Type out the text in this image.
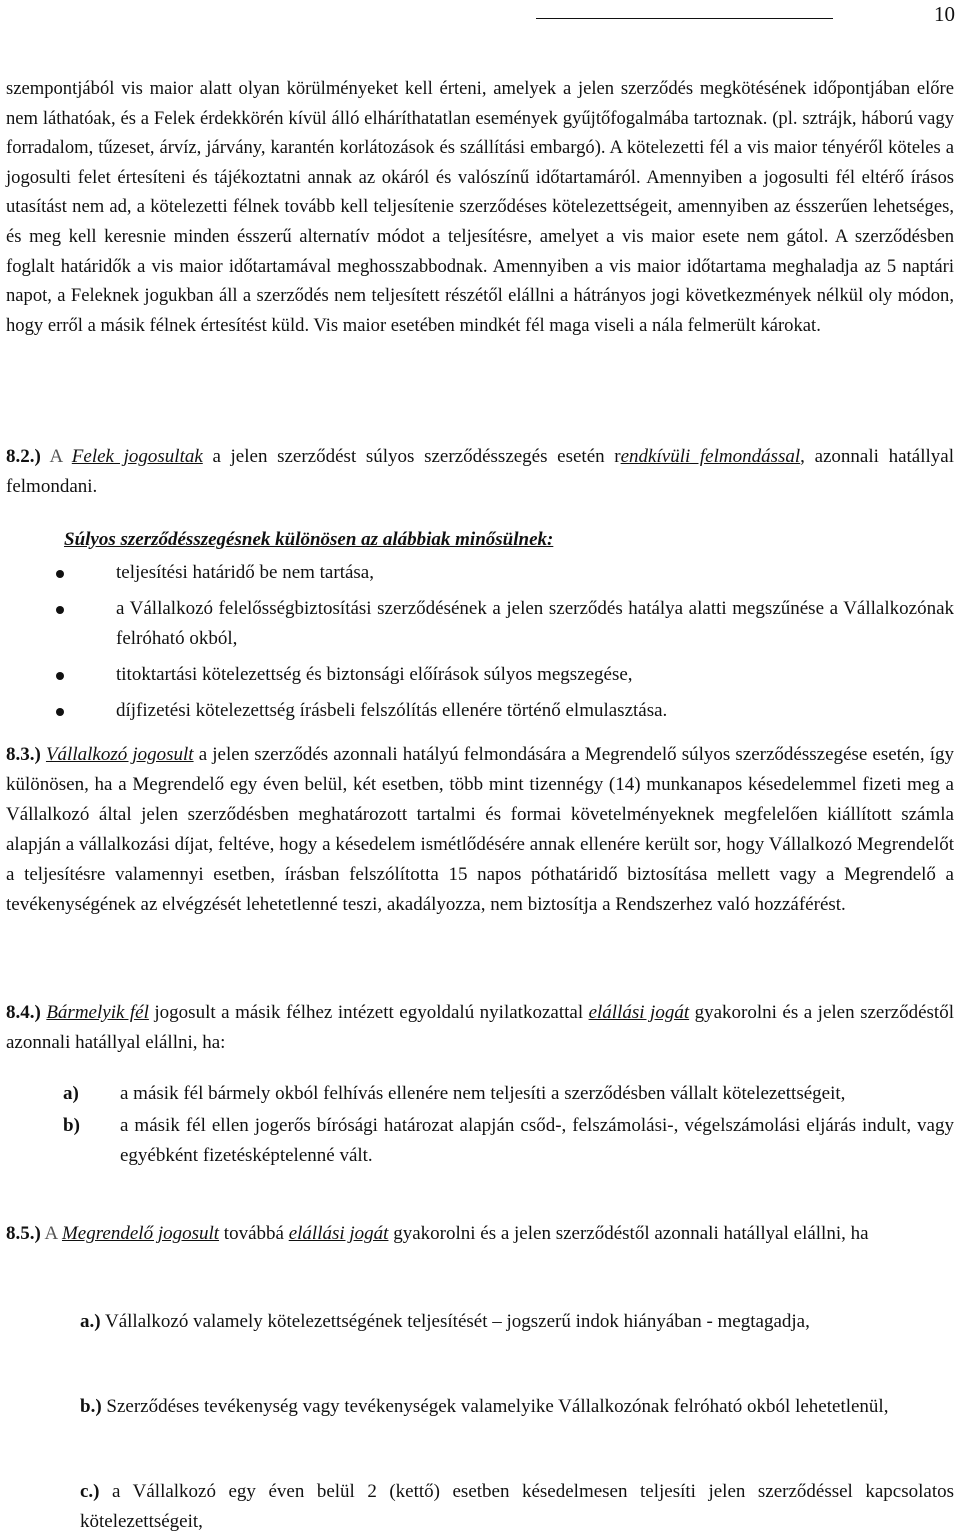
10

szempontjából vis maior alatt olyan körülményeket kell érteni, amelyek a jelen szerződés megkötésének időpontjában előre nem láthatóak, és a Felek érdekkörén kívül álló elháríthatatlan események gyűjtőfogalmába tartoznak. (pl. sztrájk, háború vagy forradalom, tűzeset, árvíz, járvány, karantén korlátozások és szállítási embargó). A kötelezetti fél a vis maior tényéről köteles a jogosulti felet értesíteni és tájékoztatni annak az okáról és valószínű időtartamáról. Amennyiben a jogosulti fél eltérő írásos utasítást nem ad, a kötelezetti félnek tovább kell teljesítenie szerződéses kötelezettségeit, amennyiben az ésszerűen lehetséges, és meg kell keresnie minden ésszerű alternatív módot a teljesítésre, amelyet a vis maior esete nem gátol. A szerződésben foglalt határidők a vis maior időtartamával meghosszabbodnak. Amennyiben a vis maior időtartama meghaladja az 5 naptári napot, a Feleknek jogukban áll a szerződés nem teljesített részétől elállni a hátrányos jogi következmények nélkül oly módon, hogy erről a másik félnek értesítést küld. Vis maior esetében mindkét fél maga viseli a nála felmerült károkat.

8.2.) A Felek jogosultak a jelen szerződést súlyos szerződésszegés esetén rendkívüli felmondással, azonnali hatállyal felmondani.

Súlyos szerződésszegésnek különösen az alábbiak minősülnek:
teljesítési határidő be nem tartása,
a Vállalkozó felelősségbiztosítási szerződésének a jelen szerződés hatálya alatti megszűnése a Vállalkozónak felróható okból,
titoktartási kötelezettség és biztonsági előírások súlyos megszegése,
díjfizetési kötelezettség írásbeli felszólítás ellenére történő elmulasztása.

8.3.) Vállalkozó jogosult a jelen szerződés azonnali hatályú felmondására a Megrendelő súlyos szerződésszegése esetén, így különösen, ha a Megrendelő egy éven belül, két esetben, több mint tizennégy (14) munkanapos késedelemmel fizeti meg a Vállalkozó által jelen szerződésben meghatározott tartalmi és formai követelményeknek megfelelően kiállított számla alapján a vállalkozási díjat, feltéve, hogy a késedelem ismétlődésére annak ellenére került sor, hogy Vállalkozó Megrendelőt a teljesítésre valamennyi esetben, írásban felszólította 15 napos póthatáridő biztosítása mellett vagy a Megrendelő a tevékenységének az elvégzését lehetetlenné teszi, akadályozza, nem biztosítja a Rendszerhez való hozzáférést.

8.4.) Bármelyik fél jogosult a másik félhez intézett egyoldalú nyilatkozattal elállási jogát gyakorolni és a jelen szerződéstől azonnali hatállyal elállni, ha:

a) a másik fél bármely okból felhívás ellenére nem teljesíti a szerződésben vállalt kötelezettségeit,
b) a másik fél ellen jogerős bírósági határozat alapján csőd-, felszámolási-, végelszámolási eljárás indult, vagy egyébként fizetésképtelenné vált.

8.5.) A Megrendelő jogosult továbbá elállási jogát gyakorolni és a jelen szerződéstől azonnali hatállyal elállni, ha

a.) Vállalkozó valamely kötelezettségének teljesítését – jogszerű indok hiányában - megtagadja,
b.) Szerződéses tevékenység vagy tevékenységek valamelyike Vállalkozónak felróható okból lehetetlenül,
c.) a Vállalkozó egy éven belül 2 (kettő) esetben késedelmesen teljesíti jelen szerződéssel kapcsolatos kötelezettségeit,
